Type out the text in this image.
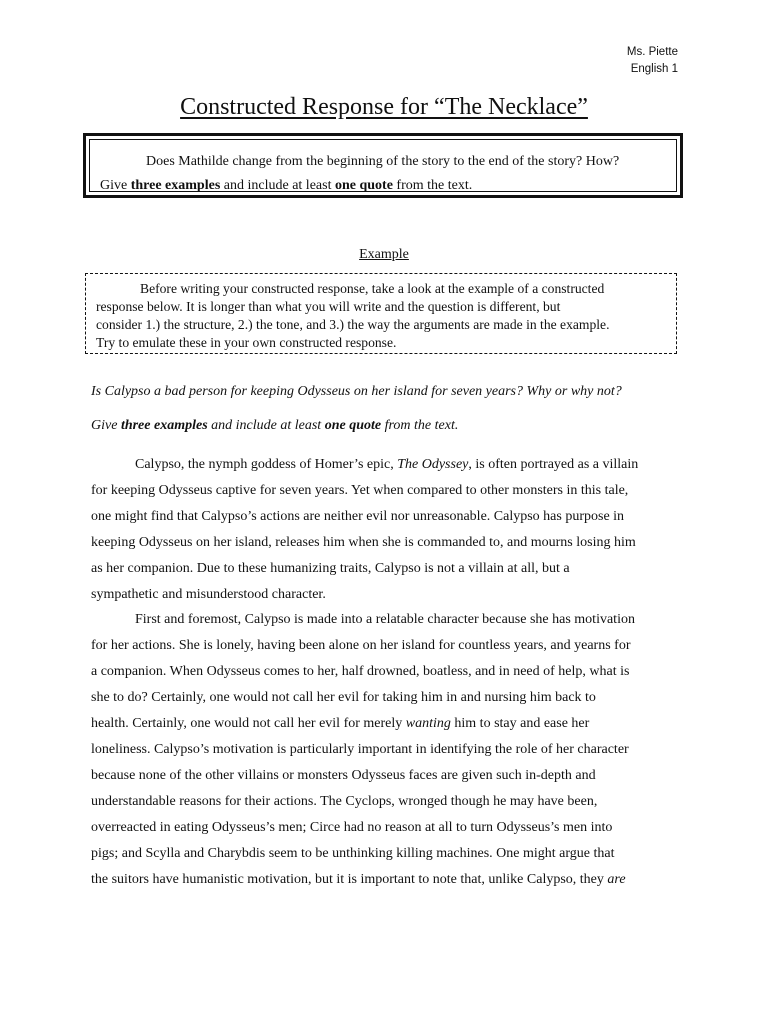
Ms. Piette
English 1
Constructed Response for “The Necklace”
Does Mathilde change from the beginning of the story to the end of the story? How?
Give three examples and include at least one quote from the text.
Example
Before writing your constructed response, take a look at the example of a constructed
response below. It is longer than what you will write and the question is different, but
consider 1.) the structure, 2.) the tone, and 3.) the way the arguments are made in the example.
Try to emulate these in your own constructed response.
Is Calypso a bad person for keeping Odysseus on her island for seven years? Why or why not?
Give three examples and include at least one quote from the text.
Calypso, the nymph goddess of Homer’s epic, The Odyssey, is often portrayed as a villain
for keeping Odysseus captive for seven years. Yet when compared to other monsters in this tale,
one might find that Calypso’s actions are neither evil nor unreasonable. Calypso has purpose in
keeping Odysseus on her island, releases him when she is commanded to, and mourns losing him
as her companion. Due to these humanizing traits, Calypso is not a villain at all, but a
sympathetic and misunderstood character.
First and foremost, Calypso is made into a relatable character because she has motivation
for her actions. She is lonely, having been alone on her island for countless years, and yearns for
a companion. When Odysseus comes to her, half drowned, boatless, and in need of help, what is
she to do? Certainly, one would not call her evil for taking him in and nursing him back to
health. Certainly, one would not call her evil for merely wanting him to stay and ease her
loneliness. Calypso’s motivation is particularly important in identifying the role of her character
because none of the other villains or monsters Odysseus faces are given such in-depth and
understandable reasons for their actions. The Cyclops, wronged though he may have been,
overreacted in eating Odysseus’s men; Circe had no reason at all to turn Odysseus’s men into
pigs; and Scylla and Charybdis seem to be unthinking killing machines. One might argue that
the suitors have humanistic motivation, but it is important to note that, unlike Calypso, they are
